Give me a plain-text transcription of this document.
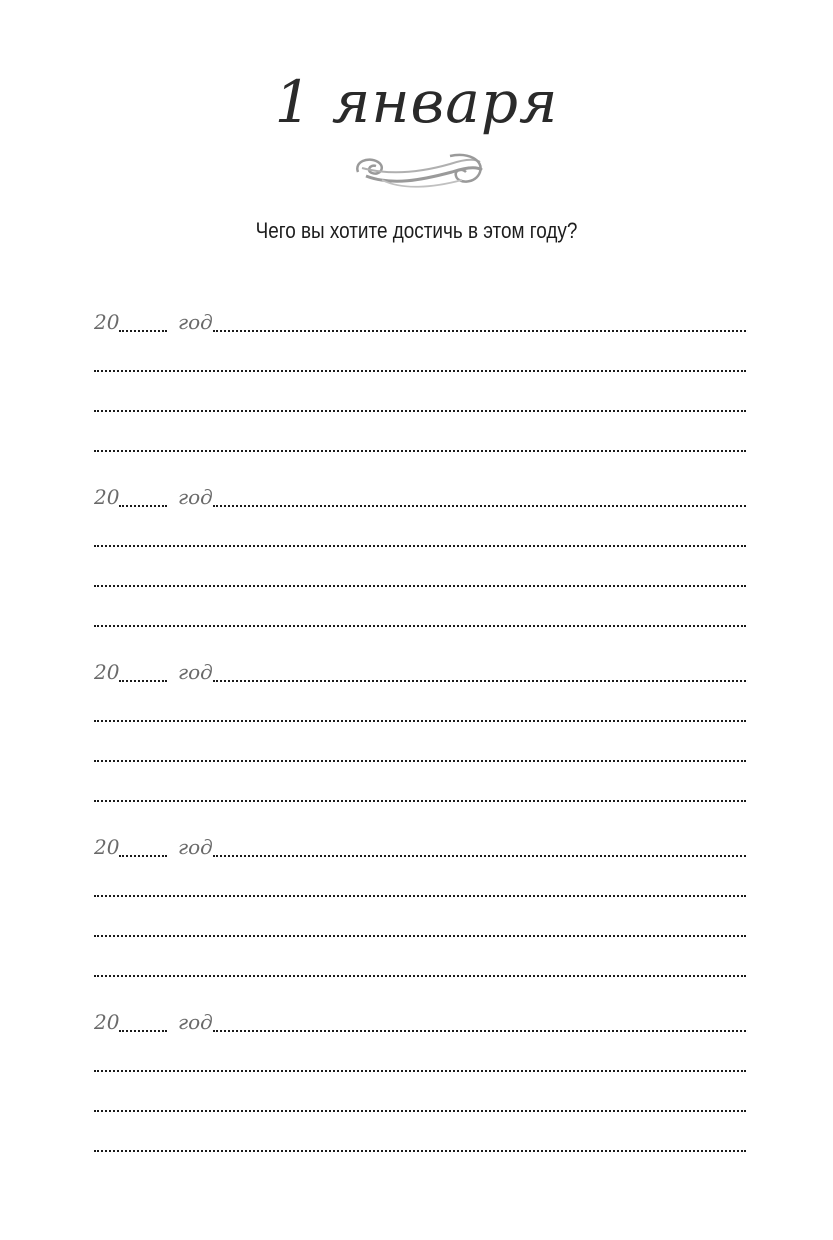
1 января

Чего вы хотите достичь в этом году?

20	год
20	год
20	год
20	год
20	год
